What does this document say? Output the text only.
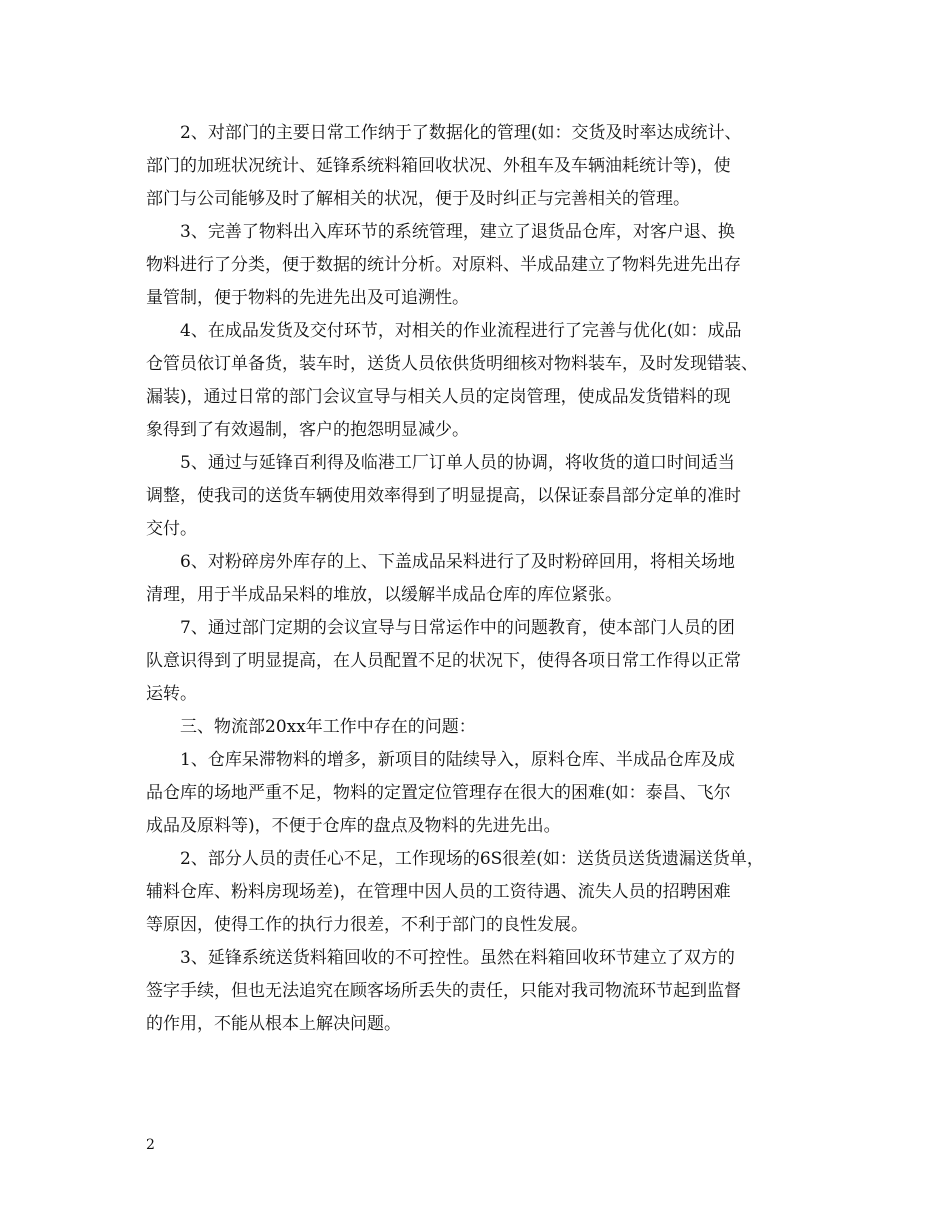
2、对部门的主要日常工作纳于了数据化的管理(如：交货及时率达成统计、
部门的加班状况统计、延锋系统料箱回收状况、外租车及车辆油耗统计等)，使
部门与公司能够及时了解相关的状况，便于及时纠正与完善相关的管理。
3、完善了物料出入库环节的系统管理，建立了退货品仓库，对客户退、换
物料进行了分类，便于数据的统计分析。对原料、半成品建立了物料先进先出存
量管制，便于物料的先进先出及可追溯性。
4、在成品发货及交付环节，对相关的作业流程进行了完善与优化(如：成品
仓管员依订单备货，装车时，送货人员依供货明细核对物料装车，及时发现错装、
漏装)，通过日常的部门会议宣导与相关人员的定岗管理，使成品发货错料的现
象得到了有效遏制，客户的抱怨明显减少。
5、通过与延锋百利得及临港工厂订单人员的协调，将收货的道口时间适当
调整，使我司的送货车辆使用效率得到了明显提高，以保证泰昌部分定单的准时
交付。
6、对粉碎房外库存的上、下盖成品呆料进行了及时粉碎回用，将相关场地
清理，用于半成品呆料的堆放，以缓解半成品仓库的库位紧张。
7、通过部门定期的会议宣导与日常运作中的问题教育，使本部门人员的团
队意识得到了明显提高，在人员配置不足的状况下，使得各项日常工作得以正常
运转。
三、物流部20xx年工作中存在的问题：
1、仓库呆滞物料的增多，新项目的陆续导入，原料仓库、半成品仓库及成
品仓库的场地严重不足，物料的定置定位管理存在很大的困难(如：泰昌、飞尔
成品及原料等)，不便于仓库的盘点及物料的先进先出。
2、部分人员的责任心不足，工作现场的6S很差(如：送货员送货遗漏送货单，
辅料仓库、粉料房现场差)，在管理中因人员的工资待遇、流失人员的招聘困难
等原因，使得工作的执行力很差，不利于部门的良性发展。
3、延锋系统送货料箱回收的不可控性。虽然在料箱回收环节建立了双方的
签字手续，但也无法追究在顾客场所丢失的责任，只能对我司物流环节起到监督
的作用，不能从根本上解决问题。
2
